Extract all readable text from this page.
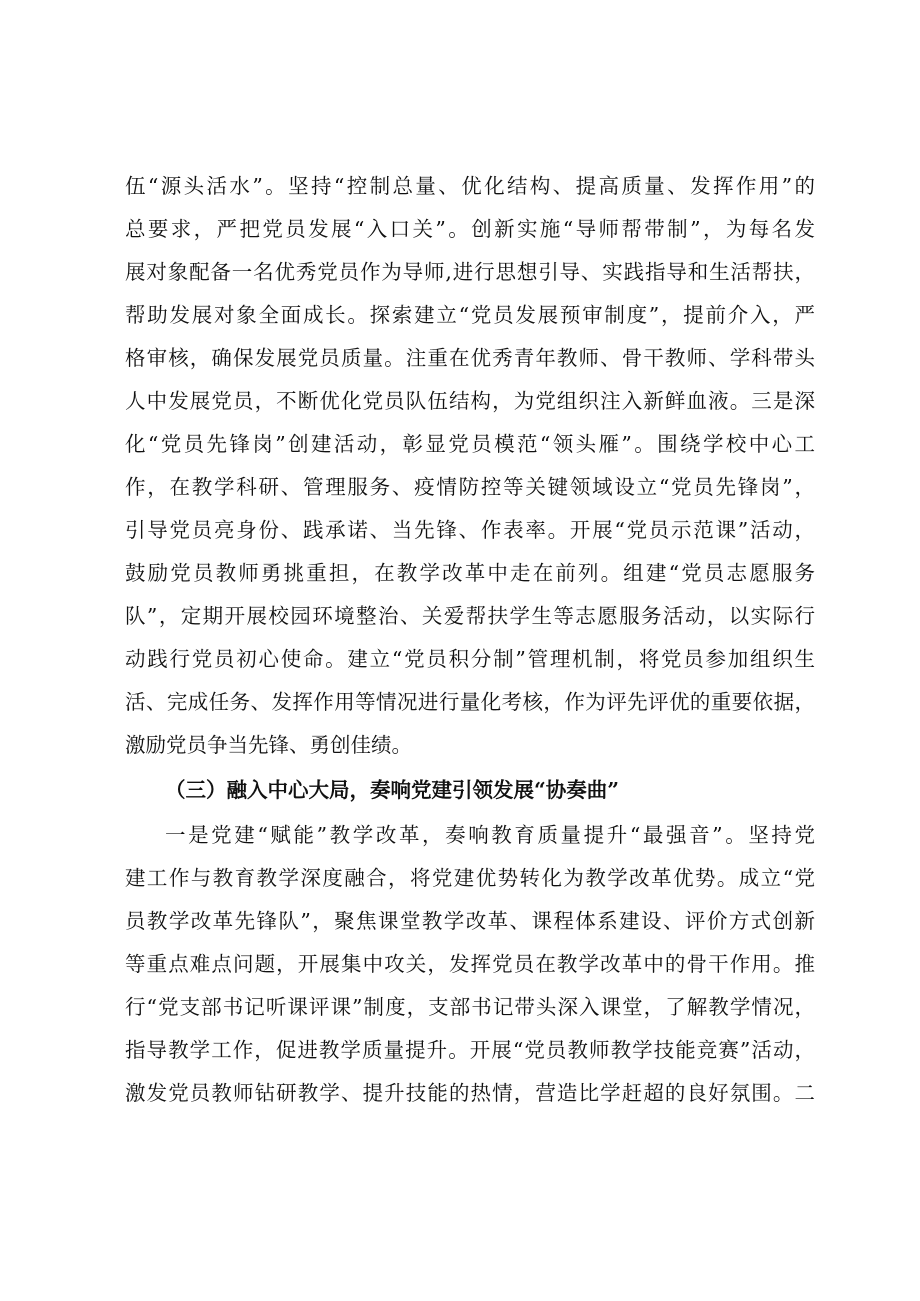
伍“源头活水”。坚持“控制总量、优化结构、提高质量、发挥作用”的
总要求，严把党员发展“入口关”。创新实施“导师帮带制”，为每名发
展对象配备一名优秀党员作为导师,进行思想引导、实践指导和生活帮扶，
帮助发展对象全面成长。探索建立“党员发展预审制度”，提前介入，严
格审核，确保发展党员质量。注重在优秀青年教师、骨干教师、学科带头
人中发展党员，不断优化党员队伍结构，为党组织注入新鲜血液。三是深
化“党员先锋岗”创建活动，彰显党员模范“领头雁”。围绕学校中心工
作，在教学科研、管理服务、疫情防控等关键领域设立“党员先锋岗”，
引导党员亮身份、践承诺、当先锋、作表率。开展“党员示范课”活动，
鼓励党员教师勇挑重担，在教学改革中走在前列。组建“党员志愿服务
队”，定期开展校园环境整治、关爱帮扶学生等志愿服务活动，以实际行
动践行党员初心使命。建立“党员积分制”管理机制，将党员参加组织生
活、完成任务、发挥作用等情况进行量化考核，作为评先评优的重要依据，
激励党员争当先锋、勇创佳绩。
（三）融入中心大局，奏响党建引领发展“协奏曲”
一是党建“赋能”教学改革，奏响教育质量提升“最强音”。坚持党
建工作与教育教学深度融合，将党建优势转化为教学改革优势。成立“党
员教学改革先锋队”，聚焦课堂教学改革、课程体系建设、评价方式创新
等重点难点问题，开展集中攻关，发挥党员在教学改革中的骨干作用。推
行“党支部书记听课评课”制度，支部书记带头深入课堂，了解教学情况，
指导教学工作，促进教学质量提升。开展“党员教师教学技能竞赛”活动，
激发党员教师钻研教学、提升技能的热情，营造比学赶超的良好氛围。二
